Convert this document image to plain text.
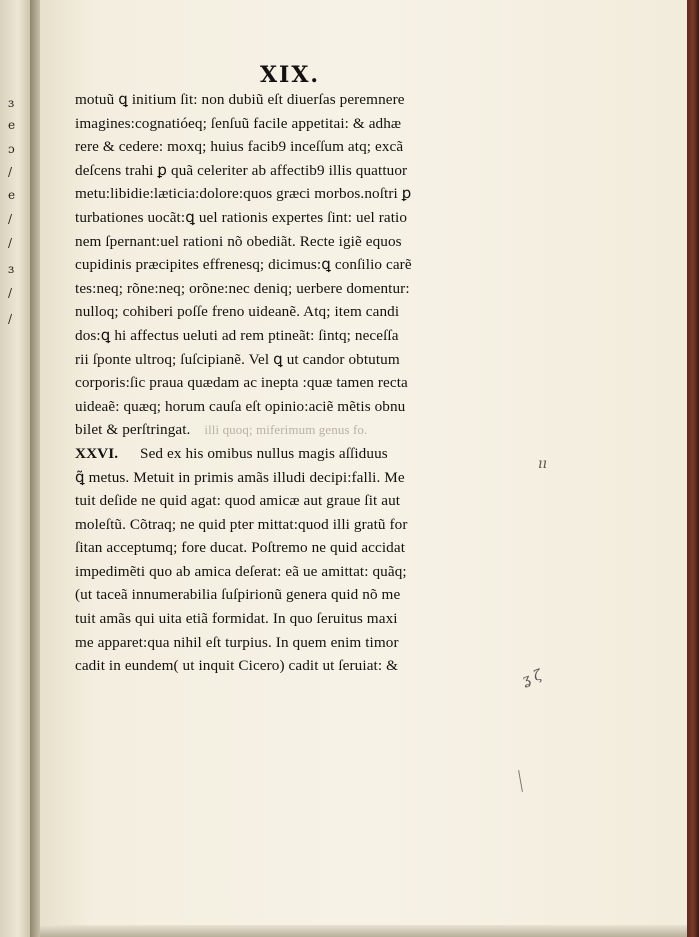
ɜ
e
ɔ
/
e
/
/
ɜ
/
/
XIX.
motuũ ꝗ initium ſit: non dubiũ eſt diuerſas peremnere
imagines:cognatióeq; ſenſuũ facile appetitai: & adhæ
rere & cedere: moxq; huius facib9 inceſſum atq; excã
deſcens trahi ꝑ quã celeriter ab affectib9 illis quattuor
metu:libidie:læticia:dolore:quos græci morbos.noſtri ꝑ
turbationes uocãt:ꝗ uel rationis expertes ſint: uel ratio
nem ſpernant:uel rationi nõ obediãt. Recte igiẽ equos
cupidinis præcipites effrenesq; dicimus:ꝗ conſilio carẽ
tes:neq; rõne:neq; orõne:nec deniq; uerbere domentur:
nulloq; cohiberi poſſe freno uideanẽ. Atq; item candi
dos:ꝗ hi affectus ueluti ad rem ptineãt: ſintq; neceſſa
rii ſponte ultroq; ſuſcipianẽ. Vel ꝗ ut candor obtutum
corporis:ſic praua quædam ac inepta :quæ tamen recta
uideaẽ: quæq; horum cauſa eſt opinio:aciẽ mẽtis obnu
bilet & perſtringat. illi quoq; miferimum genus fo.
XXVI. Sed ex his omibus nullus magis aſſiduus
ꝗ̃ metus. Metuit in primis amãs illudi decipi:falli. Me
tuit deſide ne quid agat: quod amicæ aut graue ſit aut
moleſtũ. Cõtraq; ne quid pter mittat:quod illi gratũ for
ſitan acceptumq; fore ducat. Poſtremo ne quid accidat
impedimẽti quo ab amica deſerat: eã ue amittat: quãq;
(ut taceã innumerabilia ſuſpirionũ genera quid nõ me
tuit amãs qui uita etiã formidat. In quo ſeruitus maxi
me apparet:qua nihil eſt turpius. In quem enim timor
cadit in eundem( ut inquit Cicero) cadit ut ſeruiat: &
ıı
ʓ ζ
